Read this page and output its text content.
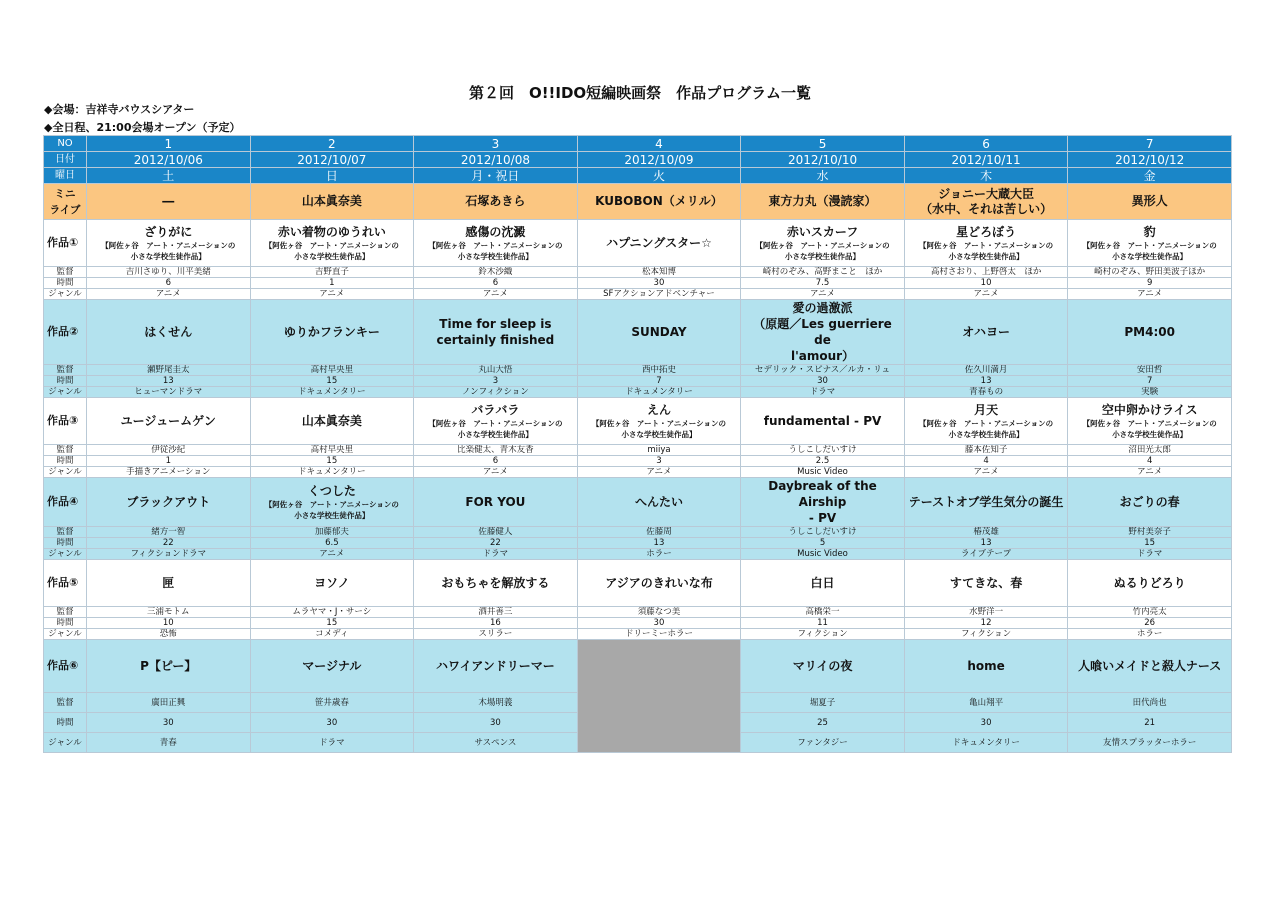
第２回　O!!IDO短編映画祭　作品プログラム一覧
◆会場：吉祥寺バウスシアター
◆全日程、21:00会場オープン（予定）
NO	1	2	3	4	5	6	7
日付	2012/10/06	2012/10/07	2012/10/08	2012/10/09	2012/10/10	2012/10/11	2012/10/12
曜日	土	日	月・祝日	火	水	木	金
ミニ
ライブ	―	山本眞奈美	石塚あきら	KUBOBON（メリル）	東方力丸（漫読家）	ジョニー大蔵大臣
（水中、それは苦しい）	異形人
作品①	ざりがに
【阿佐ヶ谷　アート・アニメーションの
小さな学校生徒作品】	赤い着物のゆうれい
【阿佐ヶ谷　アート・アニメーションの
小さな学校生徒作品】	感傷の沈澱
【阿佐ヶ谷　アート・アニメーションの
小さな学校生徒作品】	ハプニングスター☆	赤いスカーフ
【阿佐ヶ谷　アート・アニメーションの
小さな学校生徒作品】	星どろぼう
【阿佐ヶ谷　アート・アニメーションの
小さな学校生徒作品】	豹
【阿佐ヶ谷　アート・アニメーションの
小さな学校生徒作品】

監督	吉川さゆり、川平美緒	吉野直子	鈴木沙織	松本知博	崎村のぞみ、高野まこと　ほか	高村さおり、上野啓太　ほか	崎村のぞみ、野田美波子ほか
時間	6	1	6	30	7.5	10	9
ジャンル	アニメ	アニメ	アニメ	SFアクションアドベンチャー	アニメ	アニメ	アニメ
作品②	はくせん	ゆりかフランキー	Time for sleep is
certainly finished	SUNDAY	愛の過激派
（原題／Les guerriere de
l'amour）	オハヨー	PM4:00
監督	瀬野尾圭太	高村早央里	丸山大悟	西中拓史	セデリック・スピナス／ルカ・リュ	佐久川満月	安田哲
時間	13	15	3	7	30	13	7
ジャンル	ヒューマンドラマ	ドキュメンタリー	ノンフィクション	ドキュメンタリー	ドラマ	青春もの	実験
作品③	ユージュームゲン	山本眞奈美	バラバラ
【阿佐ヶ谷　アート・アニメーションの
小さな学校生徒作品】	えん
【阿佐ヶ谷　アート・アニメーションの
小さな学校生徒作品】	fundamental - PV	月天
【阿佐ヶ谷　アート・アニメーションの
小さな学校生徒作品】	空中卵かけライス
【阿佐ヶ谷　アート・アニメーションの
小さな学校生徒作品】

監督	伊従沙紀	高村早央里	比楽健太、青木友香	miiya	うしこしだいすけ	藤本佐知子	沼田光太郎
時間	1	15	6	3	2.5	4	4
ジャンル	手描きアニメーション	ドキュメンタリー	アニメ	アニメ	Music Video	アニメ	アニメ
作品④	ブラックアウト	くつした
【阿佐ヶ谷　アート・アニメーションの
小さな学校生徒作品】	FOR YOU	へんたい	Daybreak of the Airship
- PV	テーストオブ学生気分の誕生	おごりの春
監督	緒方一智	加藤郁夫	佐藤健人	佐藤周	うしこしだいすけ	椿茂雄	野村美奈子
時間	22	6.5	22	13	5	13	15
ジャンル	フィクションドラマ	アニメ	ドラマ	ホラー	Music Video	ライブテープ	ドラマ
作品⑤	匣	ヨソノ	おもちゃを解放する	アジアのきれいな布	白日	すてきな、春	ぬるりどろり
監督	三浦モトム	ムラヤマ・J・サーシ	酒井善三	須藤なつ美	高橋栄一	水野洋一	竹内亮太
時間	10	15	16	30	11	12	26
ジャンル	恐怖	コメディ	スリラー	ドリーミーホラー	フィクション	フィクション	ホラー
作品⑥	P【ピー】	マージナル	ハワイアンドリーマー		マリイの夜	home	人喰いメイドと殺人ナース
監督	廣田正興	笹井歳春	木場明義		堀夏子	亀山翔平	田代尚也
時間	30	30	30		25	30	21
ジャンル	青春	ドラマ	サスペンス		ファンタジー	ドキュメンタリー	友情スプラッターホラー
